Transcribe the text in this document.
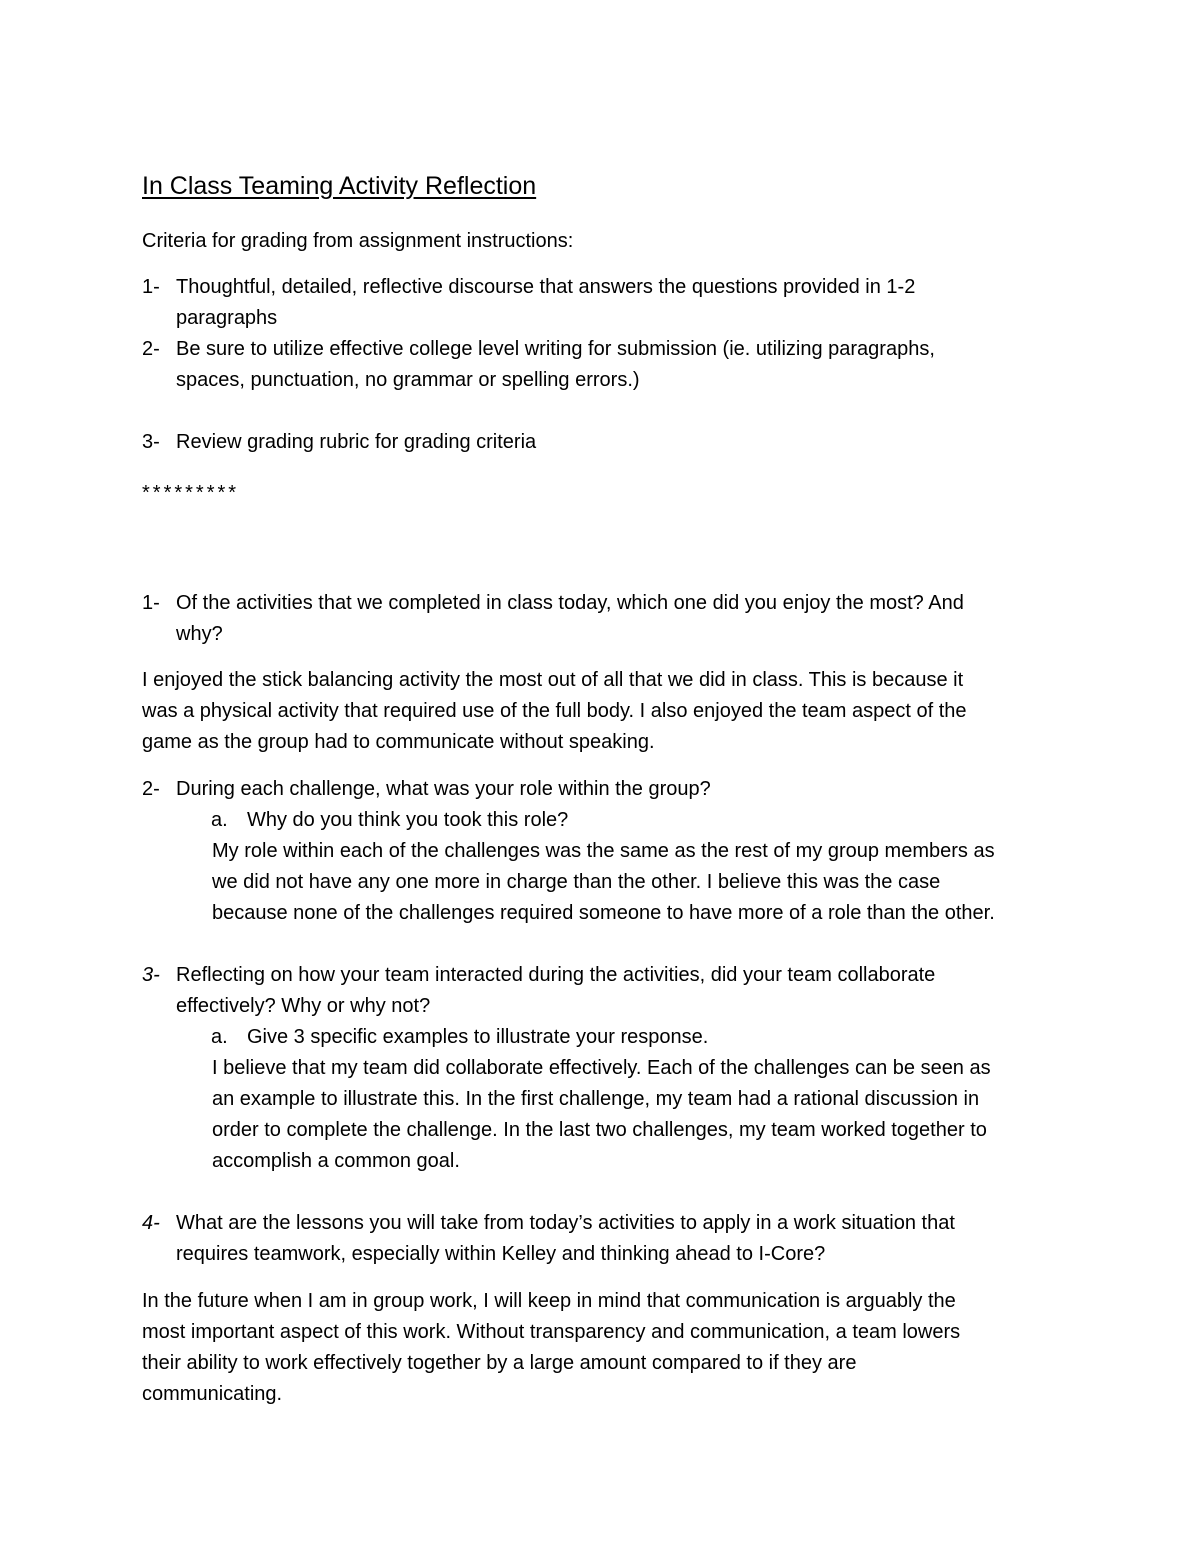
In Class Teaming Activity Reflection
Criteria for grading from assignment instructions:
1- Thoughtful, detailed, reflective discourse that answers the questions provided in 1-2
paragraphs
2- Be sure to utilize effective college level writing for submission (ie. utilizing paragraphs,
spaces, punctuation, no grammar or spelling errors.)
3- Review grading rubric for grading criteria
*********
1- Of the activities that we completed in class today, which one did you enjoy the most? And
why?
I enjoyed the stick balancing activity the most out of all that we did in class. This is because it
was a physical activity that required use of the full body. I also enjoyed the team aspect of the
game as the group had to communicate without speaking.
2- During each challenge, what was your role within the group?
a. Why do you think you took this role?
My role within each of the challenges was the same as the rest of my group members as
we did not have any one more in charge than the other. I believe this was the case
because none of the challenges required someone to have more of a role than the other.
3- Reflecting on how your team interacted during the activities, did your team collaborate
effectively? Why or why not?
a. Give 3 specific examples to illustrate your response.
I believe that my team did collaborate effectively. Each of the challenges can be seen as
an example to illustrate this. In the first challenge, my team had a rational discussion in
order to complete the challenge. In the last two challenges, my team worked together to
accomplish a common goal.
4- What are the lessons you will take from today’s activities to apply in a work situation that
requires teamwork, especially within Kelley and thinking ahead to I-Core?
In the future when I am in group work, I will keep in mind that communication is arguably the
most important aspect of this work. Without transparency and communication, a team lowers
their ability to work effectively together by a large amount compared to if they are
communicating.
